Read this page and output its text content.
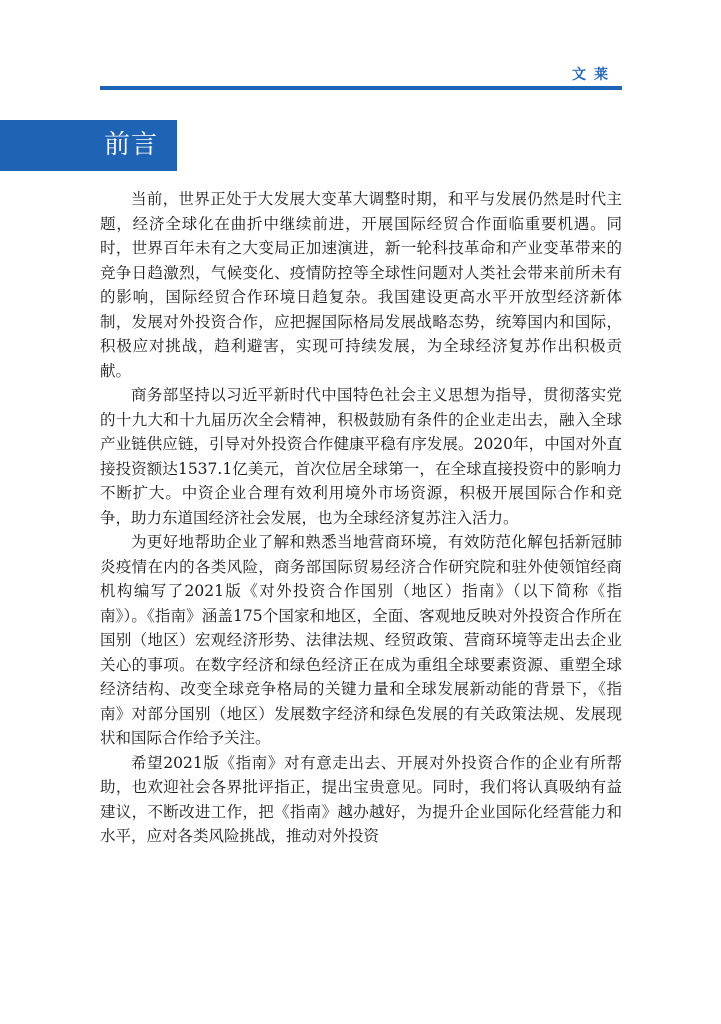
文莱
前言

当前，世界正处于大发展大变革大调整时期，和平与发展仍然是时代主题，经济全球化在曲折中继续前进，开展国际经贸合作面临重要机遇。同时，世界百年未有之大变局正加速演进，新一轮科技革命和产业变革带来的竞争日趋激烈，气候变化、疫情防控等全球性问题对人类社会带来前所未有的影响，国际经贸合作环境日趋复杂。我国建设更高水平开放型经济新体制，发展对外投资合作，应把握国际格局发展战略态势，统筹国内和国际，积极应对挑战，趋利避害，实现可持续发展，为全球经济复苏作出积极贡献。

商务部坚持以习近平新时代中国特色社会主义思想为指导，贯彻落实党的十九大和十九届历次全会精神，积极鼓励有条件的企业走出去，融入全球产业链供应链，引导对外投资合作健康平稳有序发展。2020年，中国对外直接投资额达1537.1亿美元，首次位居全球第一，在全球直接投资中的影响力不断扩大。中资企业合理有效利用境外市场资源，积极开展国际合作和竞争，助力东道国经济社会发展，也为全球经济复苏注入活力。

为更好地帮助企业了解和熟悉当地营商环境，有效防范化解包括新冠肺炎疫情在内的各类风险，商务部国际贸易经济合作研究院和驻外使领馆经商机构编写了2021版《对外投资合作国别（地区）指南》（以下简称《指南》）。《指南》涵盖175个国家和地区，全面、客观地反映对外投资合作所在国别（地区）宏观经济形势、法律法规、经贸政策、营商环境等走出去企业关心的事项。在数字经济和绿色经济正在成为重组全球要素资源、重塑全球经济结构、改变全球竞争格局的关键力量和全球发展新动能的背景下，《指南》对部分国别（地区）发展数字经济和绿色发展的有关政策法规、发展现状和国际合作给予关注。

希望2021版《指南》对有意走出去、开展对外投资合作的企业有所帮助，也欢迎社会各界批评指正，提出宝贵意见。同时，我们将认真吸纳有益建议，不断改进工作，把《指南》越办越好，为提升企业国际化经营能力和水平，应对各类风险挑战，推动对外投资
